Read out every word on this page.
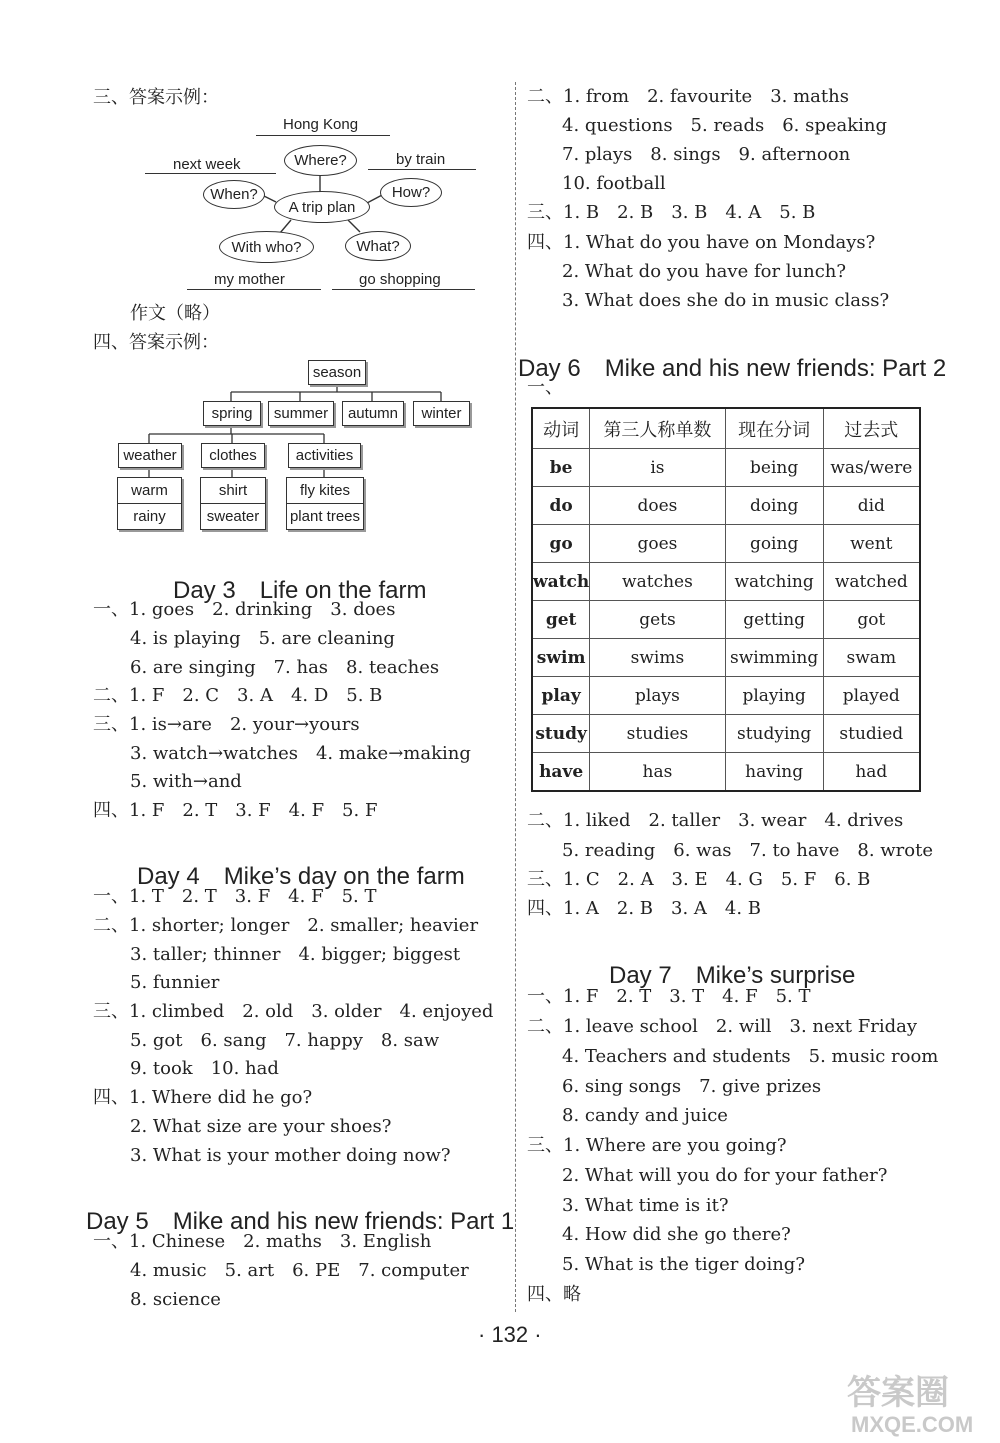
三、答案示例：
Hong Kong
next week	by train
Where?
When?	How?
A trip plan
With who?	What?
my mother	go shopping
作文（略）
四、答案示例：
season
spring	summer	autumn	winter
weather	clothes	activities
warm
rainy
shirt
sweater
fly kites
plant trees
Day 3　Life on the farm
一、1. goes　2. drinking　3. does
4. is playing　5. are cleaning
6. are singing　7. has　8. teaches
二、1. F　2. C　3. A　4. D　5. B
三、1. is→are　2. your→yours
3. watch→watches　4. make→making
5. with→and
四、1. F　2. T　3. F　4. F　5. F
Day 4　Mike’s day on the farm
一、1. T　2. T　3. F　4. F　5. T
二、1. shorter; longer　2. smaller; heavier
3. taller; thinner　4. bigger; biggest
5. funnier
三、1. climbed　2. old　3. older　4. enjoyed
5. got　6. sang　7. happy　8. saw
9. took　10. had
四、1. Where did he go?
2. What size are your shoes?
3. What is your mother doing now?
Day 5　Mike and his new friends: Part 1
一、1. Chinese　2. maths　3. English
4. music　5. art　6. PE　7. computer
8. science
二、1. from　2. favourite　3. maths
4. questions　5. reads　6. speaking
7. plays　8. sings　9. afternoon
10. football
三、1. B　2. B　3. B　4. A　5. B
四、1. What do you have on Mondays?
2. What do you have for lunch?
3. What does she do in music class?
Day 6　Mike and his new friends: Part 2
一、
动词	第三人称单数	现在分词	过去式
be	is	being	was/were
do	does	doing	did
go	goes	going	went
watch	watches	watching	watched
get	gets	getting	got
swim	swims	swimming	swam
play	plays	playing	played
study	studies	studying	studied
have	has	having	had
二、1. liked　2. taller　3. wear　4. drives
5. reading　6. was　7. to have　8. wrote
三、1. C　2. A　3. E　4. G　5. F　6. B
四、1. A　2. B　3. A　4. B
Day 7　Mike’s surprise
一、1. F　2. T　3. T　4. F　5. T
二、1. leave school　2. will　3. next Friday
4. Teachers and students　5. music room
6. sing songs　7. give prizes
8. candy and juice
三、1. Where are you going?
2. What will you do for your father?
3. What time is it?
4. How did she go there?
5. What is the tiger doing?
四、略
· 132 ·
答案圈
MXQE.COM
